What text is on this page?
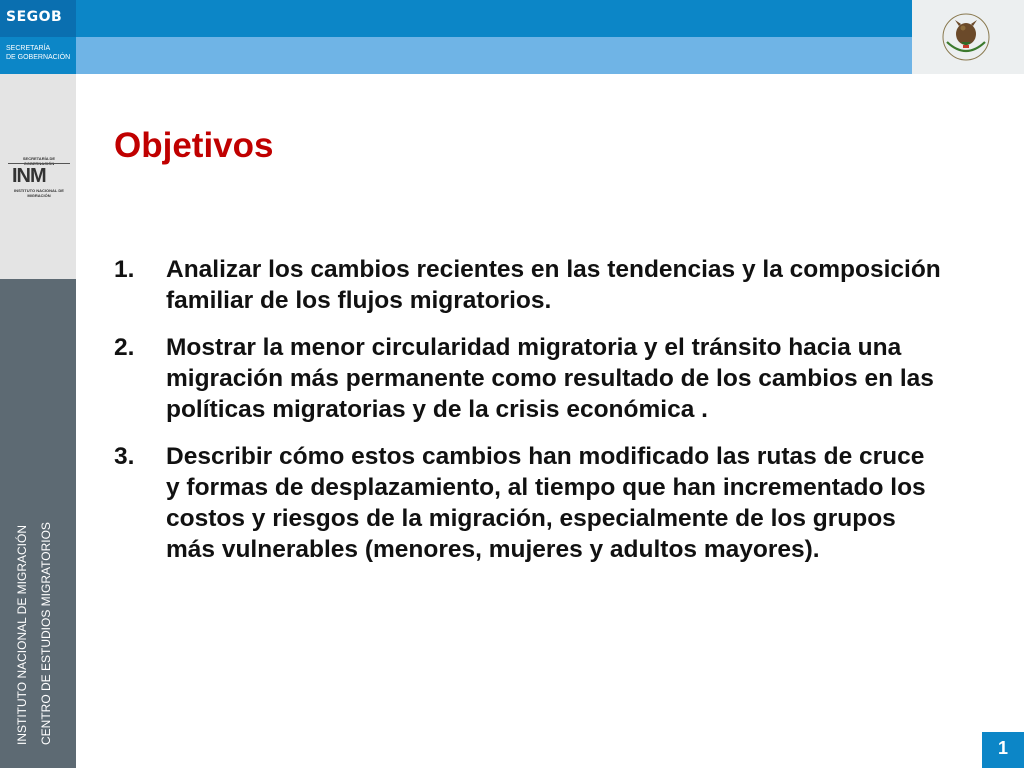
SEGOB
SECRETARÍA
DE GOBERNACIÓN
SECRETARÍA DE
INM
INSTITUTO NACIONAL DE MIGRACIÓN
INSTITUTO NACIONAL DE MIGRACIÓN CENTRO DE ESTUDIOS MIGRATORIOS
Objetivos
1. Analizar los cambios recientes en las tendencias y la composición familiar de los flujos migratorios.
2. Mostrar la menor circularidad migratoria y el tránsito hacia una migración más permanente como resultado de los cambios en las políticas migratorias y de la crisis económica .
3. Describir cómo estos cambios han modificado las rutas de cruce y formas de desplazamiento, al tiempo que han incrementado los costos y riesgos de la migración, especialmente de los grupos más vulnerables (menores, mujeres y adultos mayores).
1
